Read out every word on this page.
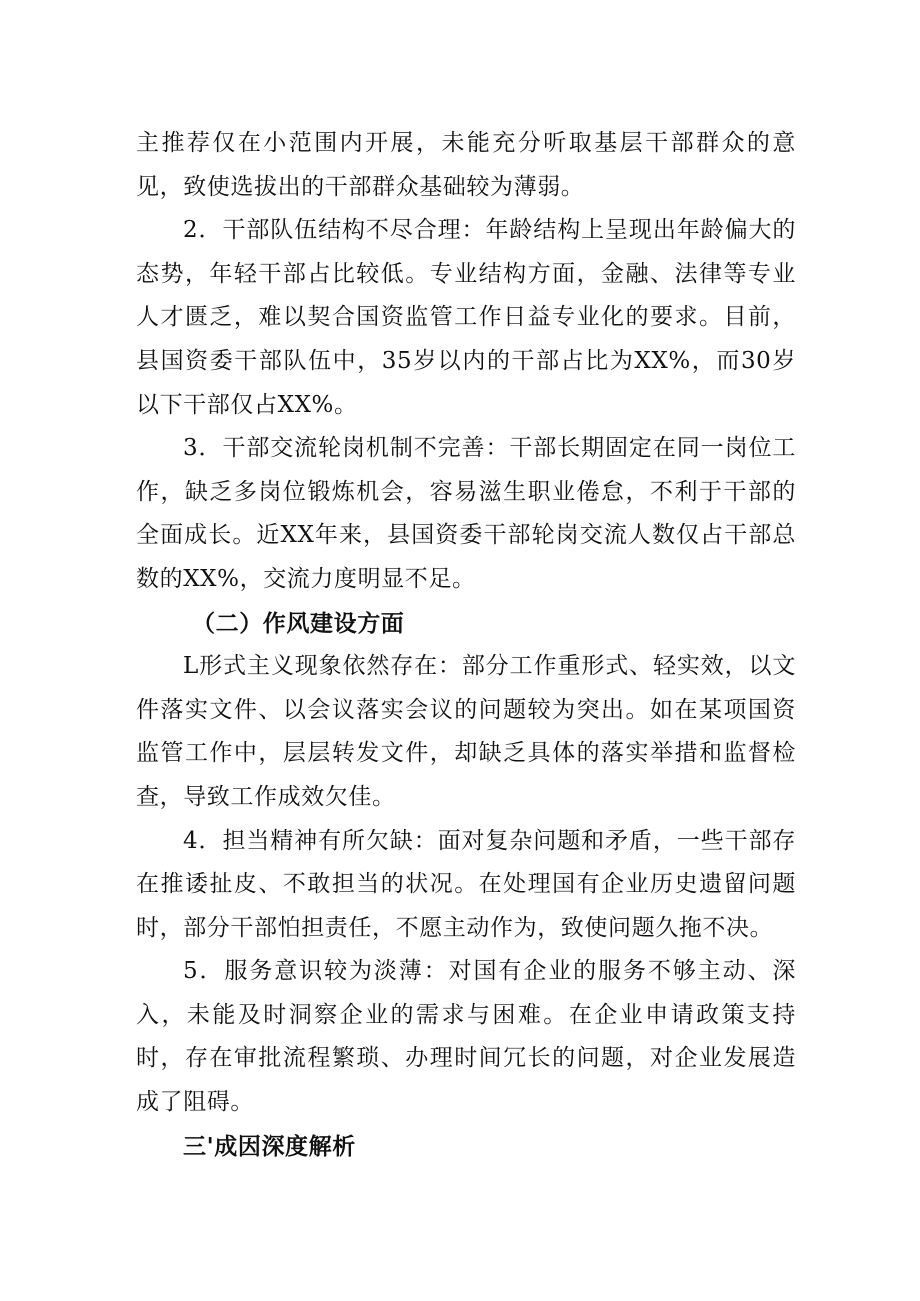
主推荐仅在小范围内开展，未能充分听取基层干部群众的意见，致使选拔出的干部群众基础较为薄弱。

2．干部队伍结构不尽合理：年龄结构上呈现出年龄偏大的态势，年轻干部占比较低。专业结构方面，金融、法律等专业人才匮乏，难以契合国资监管工作日益专业化的要求。目前，县国资委干部队伍中，35岁以内的干部占比为XX%，而30岁以下干部仅占XX%。

3．干部交流轮岗机制不完善：干部长期固定在同一岗位工作，缺乏多岗位锻炼机会，容易滋生职业倦怠，不利于干部的全面成长。近XX年来，县国资委干部轮岗交流人数仅占干部总数的XX%，交流力度明显不足。

（二）作风建设方面

L形式主义现象依然存在：部分工作重形式、轻实效，以文件落实文件、以会议落实会议的问题较为突出。如在某项国资监管工作中，层层转发文件，却缺乏具体的落实举措和监督检查，导致工作成效欠佳。

4．担当精神有所欠缺：面对复杂问题和矛盾，一些干部存在推诿扯皮、不敢担当的状况。在处理国有企业历史遗留问题时，部分干部怕担责任，不愿主动作为，致使问题久拖不决。

5．服务意识较为淡薄：对国有企业的服务不够主动、深入，未能及时洞察企业的需求与困难。在企业申请政策支持时，存在审批流程繁琐、办理时间冗长的问题，对企业发展造成了阻碍。

三'成因深度解析
